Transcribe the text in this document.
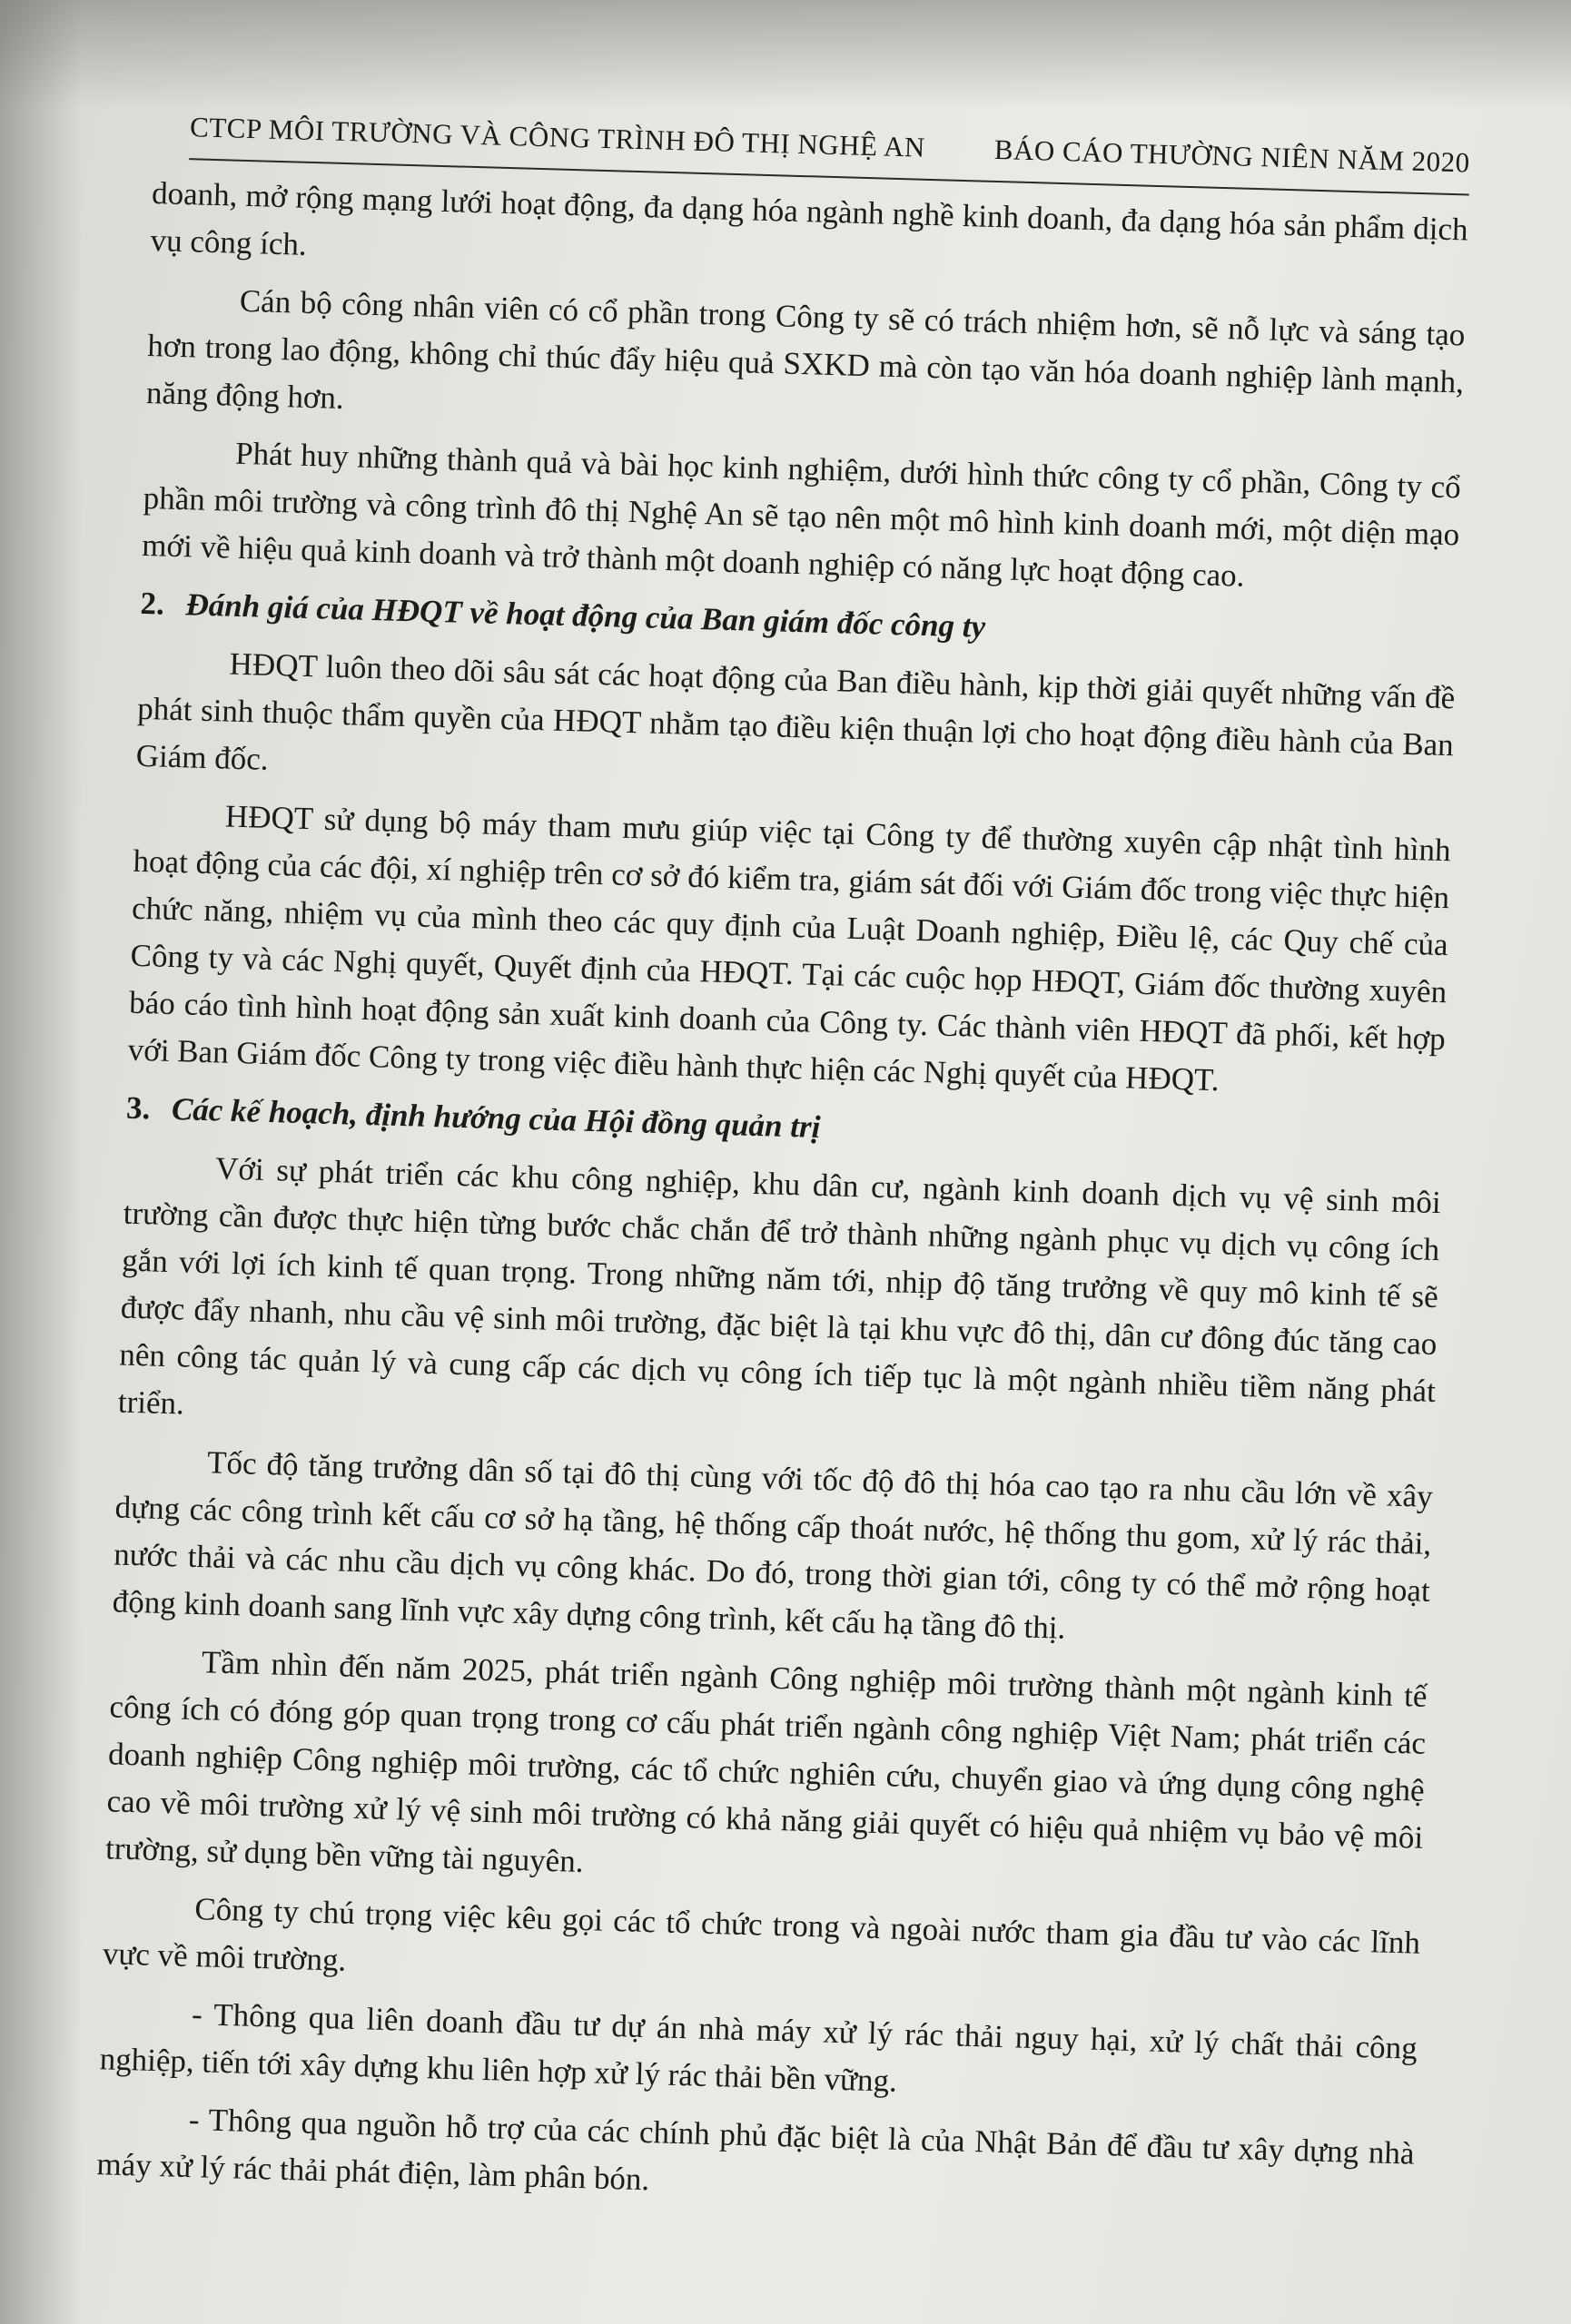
CTCP MÔI TRƯỜNG VÀ CÔNG TRÌNH ĐÔ THỊ NGHỆ AN BÁO CÁO THƯỜNG NIÊN NĂM 2020

doanh, mở rộng mạng lưới hoạt động, đa dạng hóa ngành nghề kinh doanh, đa dạng hóa sản phẩm dịch vụ công ích.

Cán bộ công nhân viên có cổ phần trong Công ty sẽ có trách nhiệm hơn, sẽ nỗ lực và sáng tạo hơn trong lao động, không chỉ thúc đẩy hiệu quả SXKD mà còn tạo văn hóa doanh nghiệp lành mạnh, năng động hơn.

Phát huy những thành quả và bài học kinh nghiệm, dưới hình thức công ty cổ phần, Công ty cổ phần môi trường và công trình đô thị Nghệ An sẽ tạo nên một mô hình kinh doanh mới, một diện mạo mới về hiệu quả kinh doanh và trở thành một doanh nghiệp có năng lực hoạt động cao.

2. Đánh giá của HĐQT về hoạt động của Ban giám đốc công ty

HĐQT luôn theo dõi sâu sát các hoạt động của Ban điều hành, kịp thời giải quyết những vấn đề phát sinh thuộc thẩm quyền của HĐQT nhằm tạo điều kiện thuận lợi cho hoạt động điều hành của Ban Giám đốc.

HĐQT sử dụng bộ máy tham mưu giúp việc tại Công ty để thường xuyên cập nhật tình hình hoạt động của các đội, xí nghiệp trên cơ sở đó kiểm tra, giám sát đối với Giám đốc trong việc thực hiện chức năng, nhiệm vụ của mình theo các quy định của Luật Doanh nghiệp, Điều lệ, các Quy chế của Công ty và các Nghị quyết, Quyết định của HĐQT. Tại các cuộc họp HĐQT, Giám đốc thường xuyên báo cáo tình hình hoạt động sản xuất kinh doanh của Công ty. Các thành viên HĐQT đã phối, kết hợp với Ban Giám đốc Công ty trong việc điều hành thực hiện các Nghị quyết của HĐQT.

3. Các kế hoạch, định hướng của Hội đồng quản trị

Với sự phát triển các khu công nghiệp, khu dân cư, ngành kinh doanh dịch vụ vệ sinh môi trường cần được thực hiện từng bước chắc chắn để trở thành những ngành phục vụ dịch vụ công ích gắn với lợi ích kinh tế quan trọng. Trong những năm tới, nhịp độ tăng trưởng về quy mô kinh tế sẽ được đẩy nhanh, nhu cầu vệ sinh môi trường, đặc biệt là tại khu vực đô thị, dân cư đông đúc tăng cao nên công tác quản lý và cung cấp các dịch vụ công ích tiếp tục là một ngành nhiều tiềm năng phát triển.

Tốc độ tăng trưởng dân số tại đô thị cùng với tốc độ đô thị hóa cao tạo ra nhu cầu lớn về xây dựng các công trình kết cấu cơ sở hạ tầng, hệ thống cấp thoát nước, hệ thống thu gom, xử lý rác thải, nước thải và các nhu cầu dịch vụ công khác. Do đó, trong thời gian tới, công ty có thể mở rộng hoạt động kinh doanh sang lĩnh vực xây dựng công trình, kết cấu hạ tầng đô thị.

Tầm nhìn đến năm 2025, phát triển ngành Công nghiệp môi trường thành một ngành kinh tế công ích có đóng góp quan trọng trong cơ cấu phát triển ngành công nghiệp Việt Nam; phát triển các doanh nghiệp Công nghiệp môi trường, các tổ chức nghiên cứu, chuyển giao và ứng dụng công nghệ cao về môi trường xử lý vệ sinh môi trường có khả năng giải quyết có hiệu quả nhiệm vụ bảo vệ môi trường, sử dụng bền vững tài nguyên.

Công ty chú trọng việc kêu gọi các tổ chức trong và ngoài nước tham gia đầu tư vào các lĩnh vực về môi trường.

- Thông qua liên doanh đầu tư dự án nhà máy xử lý rác thải nguy hại, xử lý chất thải công nghiệp, tiến tới xây dựng khu liên hợp xử lý rác thải bền vững.

- Thông qua nguồn hỗ trợ của các chính phủ đặc biệt là của Nhật Bản để đầu tư xây dựng nhà máy xử lý rác thải phát điện, làm phân bón.
